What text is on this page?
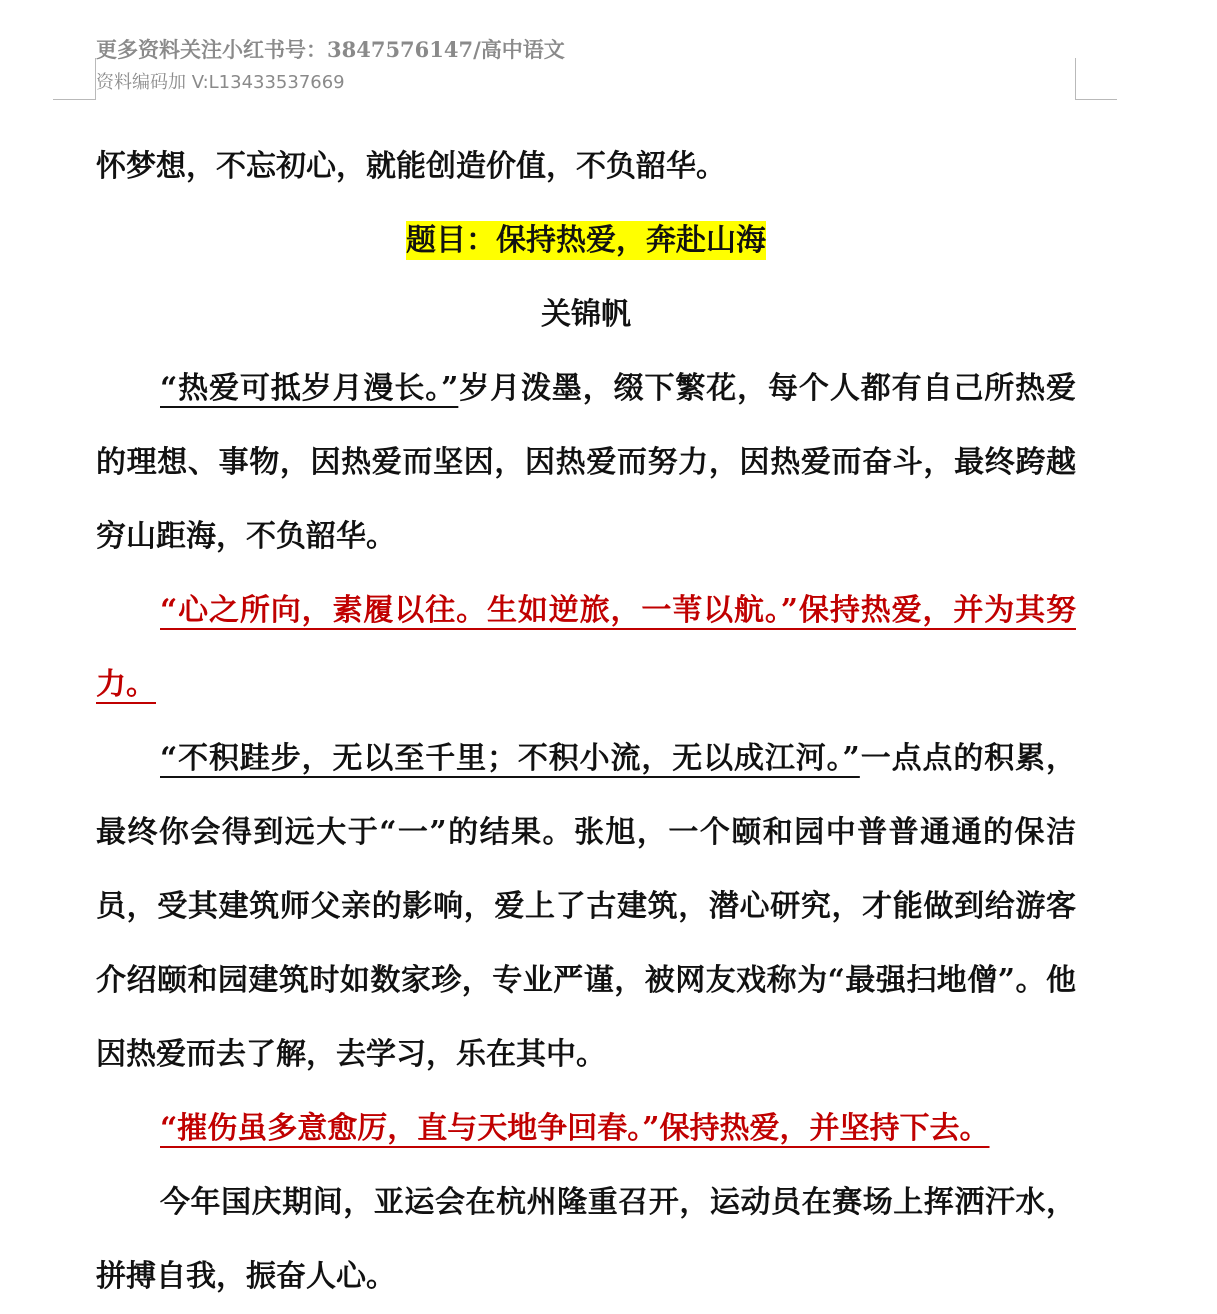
更多资料关注小红书号：3847576147/高中语文
资料编码加 V:L13433537669

怀梦想，不忘初心，就能创造价值，不负韶华。

题目：保持热爱，奔赴山海

关锦帆

“热爱可抵岁月漫长。”岁月泼墨，缀下繁花，每个人都有自己所热爱的理想、事物，因热爱而坚因，因热爱而努力，因热爱而奋斗，最终跨越穷山距海，不负韶华。

“心之所向，素履以往。生如逆旅，一苇以航。”保持热爱，并为其努力。

“不积跬步，无以至千里；不积小流，无以成江河。”一点点的积累，最终你会得到远大于“一”的结果。张旭，一个颐和园中普普通通的保洁员，受其建筑师父亲的影响，爱上了古建筑，潜心研究，才能做到给游客介绍颐和园建筑时如数家珍，专业严谨，被网友戏称为“最强扫地僧”。他因热爱而去了解，去学习，乐在其中。

“摧伤虽多意愈厉，直与天地争回春。”保持热爱，并坚持下去。

今年国庆期间，亚运会在杭州隆重召开，运动员在赛场上挥洒汗水，拼搏自我，振奋人心。
